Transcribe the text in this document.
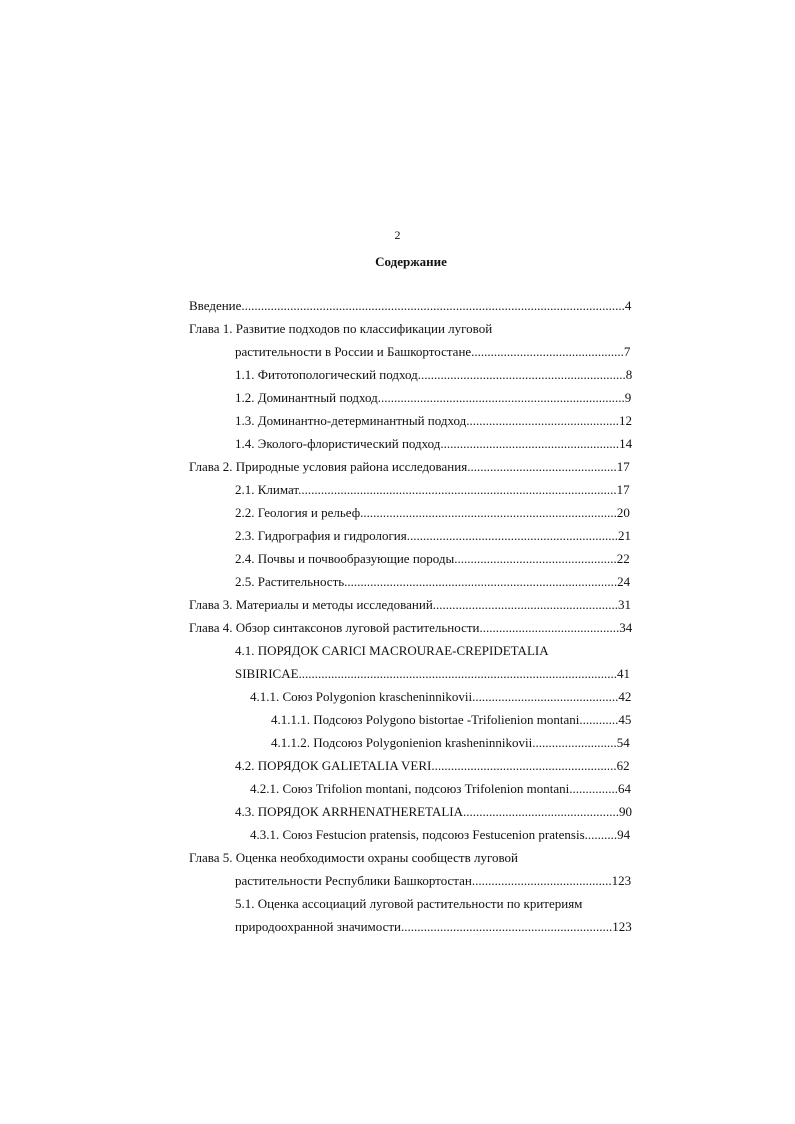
2
Содержание
Введение......................................................................................................................4
Глава 1. Развитие подходов по классификации луговой
растительности в России и Башкортостане...............................................7
1.1. Фитотопологический подход................................................................8
1.2. Доминантный подход............................................................................9
1.3. Доминантно-детерминантный подход...............................................12
1.4. Эколого-флористический подход.......................................................14
Глава 2. Природные условия района исследования..............................................17
2.1. Климат..................................................................................................17
2.2. Геология и рельеф...............................................................................20
2.3. Гидрография и гидрология.................................................................21
2.4. Почвы и почвообразующие породы..................................................22
2.5. Растительность....................................................................................24
Глава 3. Материалы и методы исследований.........................................................31
Глава 4. Обзор синтаксонов луговой растительности...........................................34
4.1. ПОРЯДОК CARICI MACROURAE-CREPIDETALIA
SIBIRICAE..................................................................................................41
4.1.1. Союз Polygonion krascheninnikovii.............................................42
4.1.1.1. Подсоюз Polygono bistortae -Trifolienion montani............45
4.1.1.2. Подсоюз Polygonienion krasheninnikovii..........................54
4.2. ПОРЯДОК GALIETALIA VERI.........................................................62
4.2.1. Союз Trifolion montani, подсоюз Trifolenion montani...............64
4.3. ПОРЯДОК ARRHENATHERETALIA................................................90
4.3.1. Союз Festucion pratensis, подсоюз Festucenion pratensis..........94
Глава 5. Оценка необходимости охраны сообществ луговой
растительности Республики Башкортостан...........................................123
5.1. Оценка ассоциаций луговой растительности по критериям
природоохранной значимости.................................................................123
